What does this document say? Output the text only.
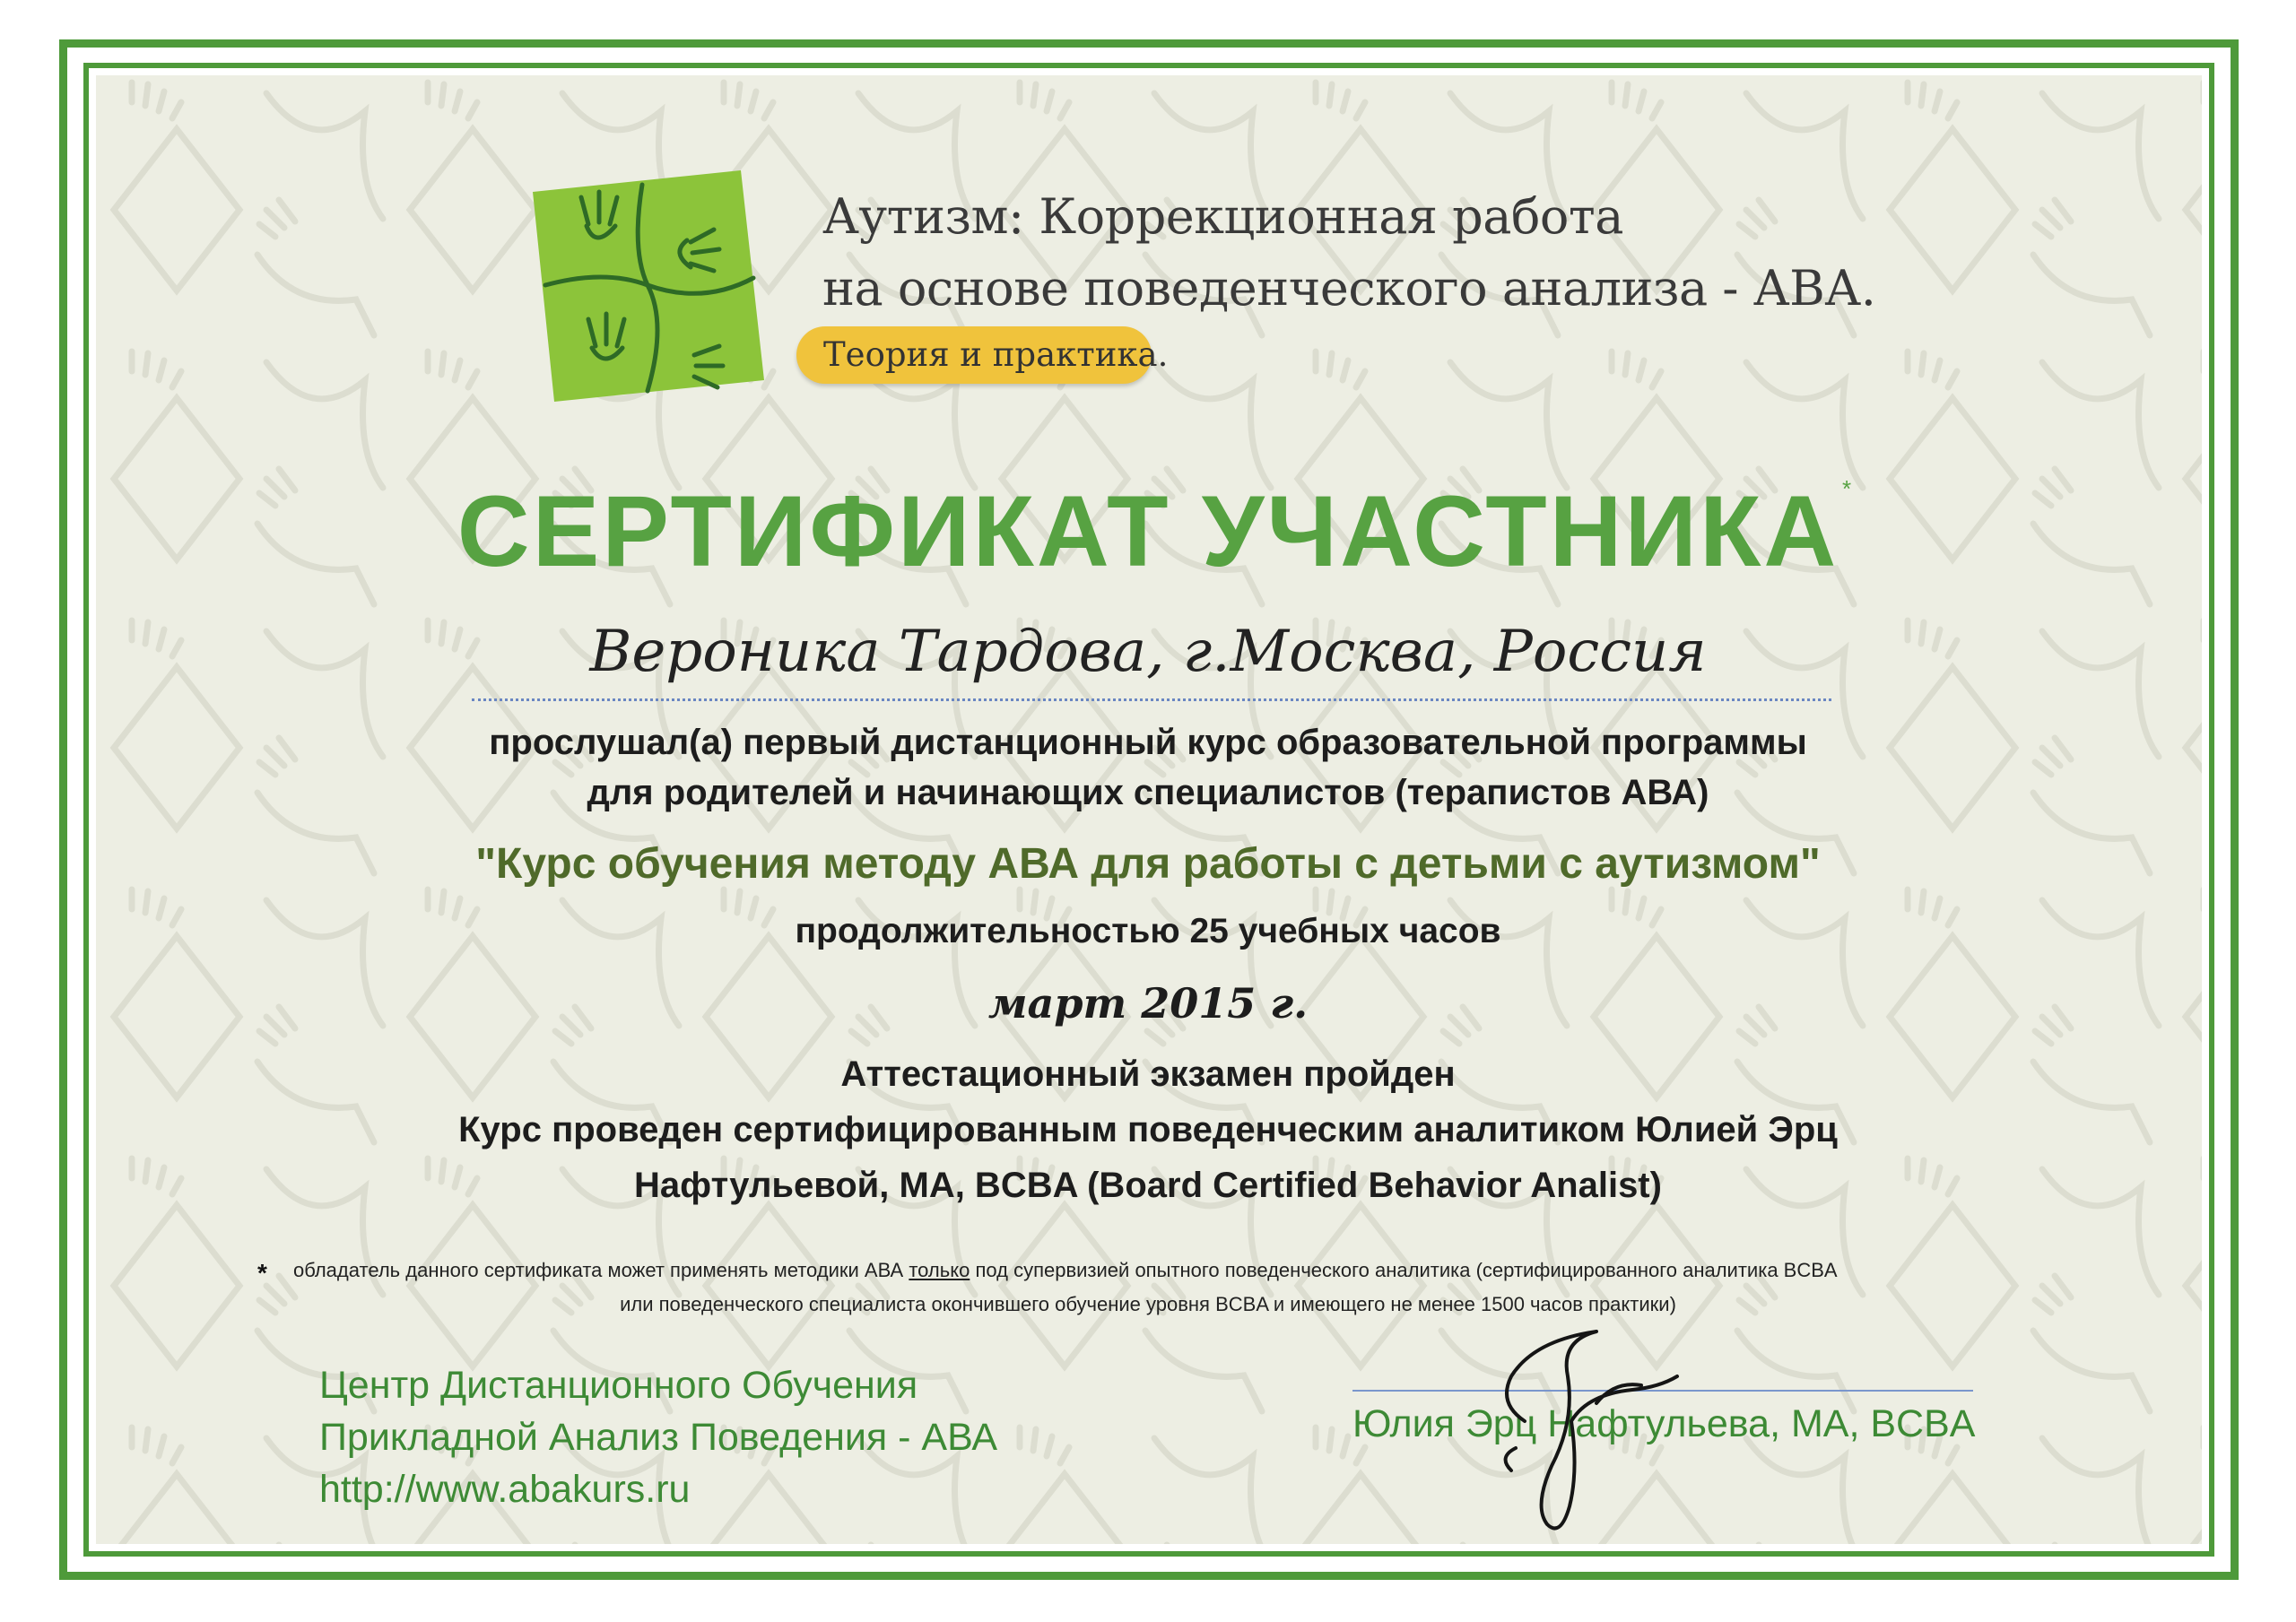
Аутизм: Коррекционная работа
на основе поведенческого анализа - АВА.
Теория и практика.
СЕРТИФИКАТ УЧАСТНИКА *
Вероника Тардова, г.Москва, Россия
прослушал(а) первый дистанционный курс образовательной программы
для родителей и начинающих специалистов (терапистов АВА)
"Курс обучения методу АВА для работы с детьми с аутизмом"
продолжительностью 25 учебных часов
март 2015 г.
Аттестационный экзамен пройден
Курс проведен сертифицированным поведенческим аналитиком Юлией Эрц
Нафтульевой, МА, BCBA (Board Certified Behavior Analist)
* обладатель данного сертификата может применять методики АВА только под супервизией опытного поведенческого аналитика (сертифицированного аналитика BCBA
или поведенческого специалиста окончившего обучение уровня BCBA и имеющего не менее 1500 часов практики)
Центр Дистанционного Обучения
Прикладной Анализ Поведения - АВА
http://www.abakurs.ru
Юлия Эрц Нафтульева, МА, BCBA
